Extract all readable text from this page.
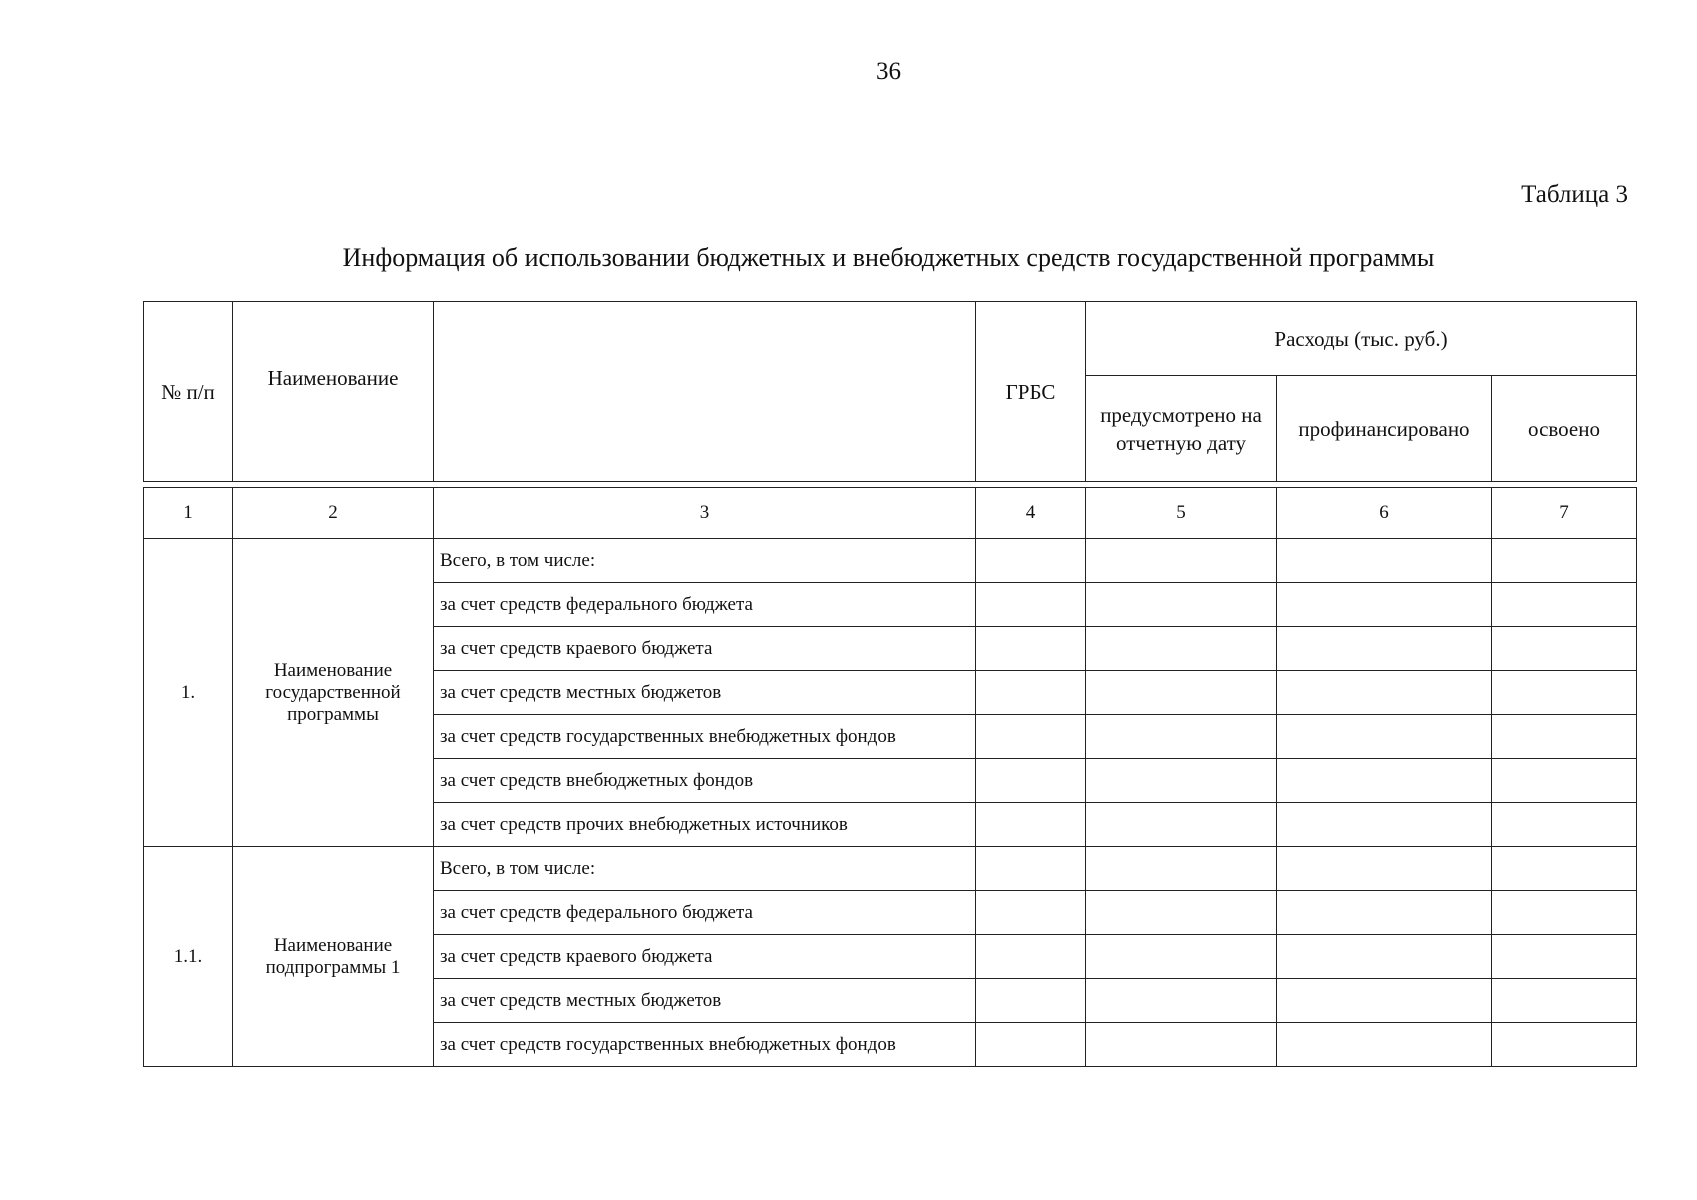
36
Таблица 3
Информация об использовании бюджетных и внебюджетных средств государственной программы
№ п/п	Наименование		ГРБС	Расходы (тыс. руб.)		
				предусмотрено на отчетную дату	профинансировано	освоено
1	2	3	4	5	6	7
1.	Наименование государственной программы	Всего, в том числе:				
		за счет средств федерального бюджета				
		за счет средств краевого бюджета				
		за счет средств местных бюджетов				
		за счет средств государственных внебюджетных фондов				
		за счет средств внебюджетных фондов				
		за счет средств прочих внебюджетных источников				
1.1.	Наименование подпрограммы 1	Всего, в том числе:				
		за счет средств федерального бюджета				
		за счет средств краевого бюджета				
		за счет средств местных бюджетов				
		за счет средств государственных внебюджетных фондов				
